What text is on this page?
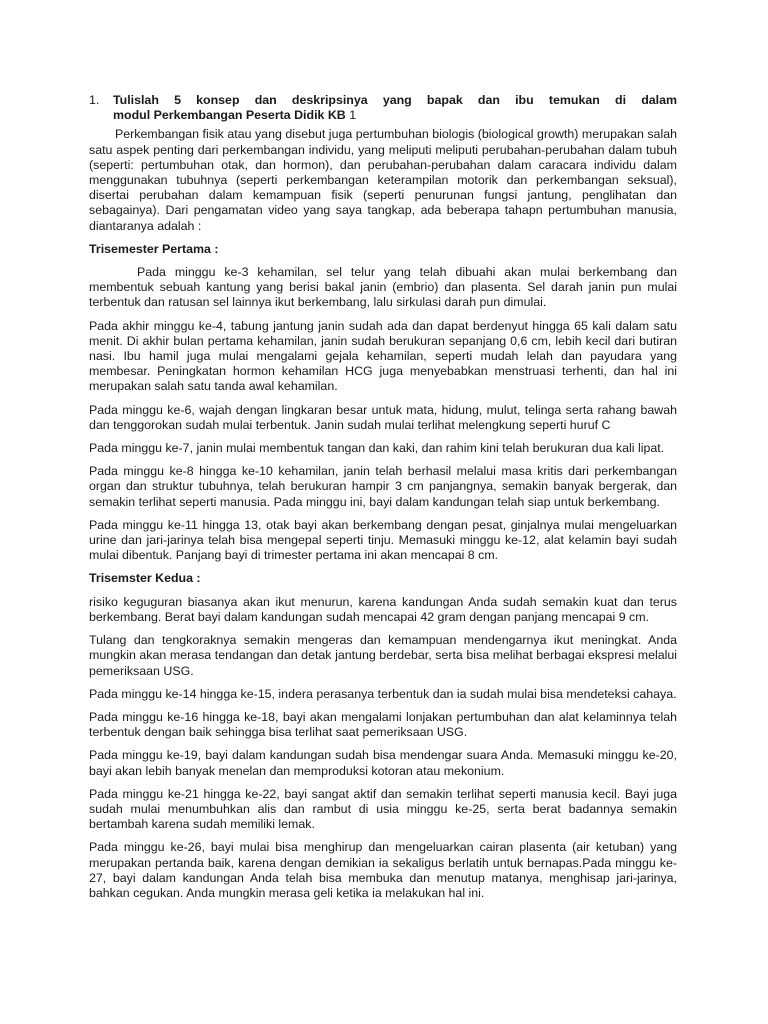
1.	Tulislah 5 konsep dan deskripsinya yang bapak dan ibu temukan di dalam
modul Perkembangan Peserta Didik KB 1

Perkembangan fisik atau yang disebut juga pertumbuhan biologis (biological growth) merupakan salah satu aspek penting dari perkembangan individu, yang meliputi meliputi perubahan-perubahan dalam tubuh (seperti: pertumbuhan otak, dan hormon), dan perubahan-perubahan dalam caracara individu dalam menggunakan tubuhnya (seperti perkembangan keterampilan motorik dan perkembangan seksual), disertai perubahan dalam kemampuan fisik (seperti penurunan fungsi jantung, penglihatan dan sebagainya). Dari pengamatan video yang saya tangkap, ada beberapa tahapn pertumbuhan manusia, diantaranya adalah :

Trisemester Pertama :

Pada minggu ke-3 kehamilan, sel telur yang telah dibuahi akan mulai berkembang dan membentuk sebuah kantung yang berisi bakal janin (embrio) dan plasenta. Sel darah janin pun mulai terbentuk dan ratusan sel lainnya ikut berkembang, lalu sirkulasi darah pun dimulai.

Pada akhir minggu ke-4, tabung jantung janin sudah ada dan dapat berdenyut hingga 65 kali dalam satu menit. Di akhir bulan pertama kehamilan, janin sudah berukuran sepanjang 0,6 cm, lebih kecil dari butiran nasi. Ibu hamil juga mulai mengalami gejala kehamilan, seperti mudah lelah dan payudara yang membesar. Peningkatan hormon kehamilan HCG juga menyebabkan menstruasi terhenti, dan hal ini merupakan salah satu tanda awal kehamilan.

Pada minggu ke-6, wajah dengan lingkaran besar untuk mata, hidung, mulut, telinga serta rahang bawah dan tenggorokan sudah mulai terbentuk. Janin sudah mulai terlihat melengkung seperti huruf C

Pada minggu ke-7, janin mulai membentuk tangan dan kaki, dan rahim kini telah berukuran dua kali lipat.

Pada minggu ke-8 hingga ke-10 kehamilan, janin telah berhasil melalui masa kritis dari perkembangan organ dan struktur tubuhnya, telah berukuran hampir 3 cm panjangnya, semakin banyak bergerak, dan semakin terlihat seperti manusia. Pada minggu ini, bayi dalam kandungan telah siap untuk berkembang.

Pada minggu ke-11 hingga 13, otak bayi akan berkembang dengan pesat, ginjalnya mulai mengeluarkan urine dan jari-jarinya telah bisa mengepal seperti tinju. Memasuki minggu ke-12, alat kelamin bayi sudah mulai dibentuk. Panjang bayi di trimester pertama ini akan mencapai 8 cm.

Trisemster Kedua :

risiko keguguran biasanya akan ikut menurun, karena kandungan Anda sudah semakin kuat dan terus berkembang. Berat bayi dalam kandungan sudah mencapai 42 gram dengan panjang mencapai 9 cm.

Tulang dan tengkoraknya semakin mengeras dan kemampuan mendengarnya ikut meningkat. Anda mungkin akan merasa tendangan dan detak jantung berdebar, serta bisa melihat berbagai ekspresi melalui pemeriksaan USG.

Pada minggu ke-14 hingga ke-15, indera perasanya terbentuk dan ia sudah mulai bisa mendeteksi cahaya.

Pada minggu ke-16 hingga ke-18, bayi akan mengalami lonjakan pertumbuhan dan alat kelaminnya telah terbentuk dengan baik sehingga bisa terlihat saat pemeriksaan USG.

Pada minggu ke-19, bayi dalam kandungan sudah bisa mendengar suara Anda. Memasuki minggu ke-20, bayi akan lebih banyak menelan dan memproduksi kotoran atau mekonium.

Pada minggu ke-21 hingga ke-22, bayi sangat aktif dan semakin terlihat seperti manusia kecil. Bayi juga sudah mulai menumbuhkan alis dan rambut di usia minggu ke-25, serta berat badannya semakin bertambah karena sudah memiliki lemak.

Pada minggu ke-26, bayi mulai bisa menghirup dan mengeluarkan cairan plasenta (air ketuban) yang merupakan pertanda baik, karena dengan demikian ia sekaligus berlatih untuk bernapas.Pada minggu ke-27, bayi dalam kandungan Anda telah bisa membuka dan menutup matanya, menghisap jari-jarinya, bahkan cegukan. Anda mungkin merasa geli ketika ia melakukan hal ini.
